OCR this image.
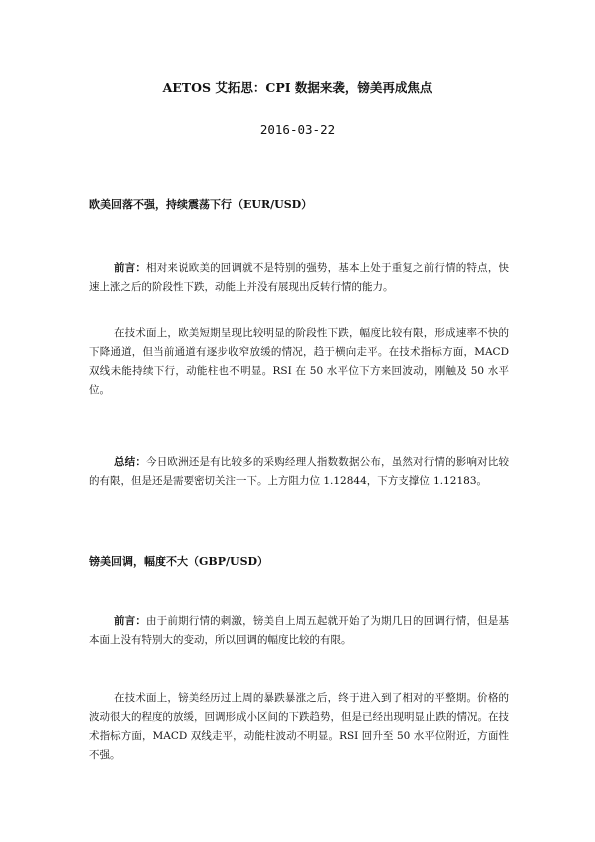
AETOS 艾拓思：CPI 数据来袭，镑美再成焦点
2016-03-22
欧美回落不强，持续震荡下行（EUR/USD）
前言：相对来说欧美的回调就不是特别的强势，基本上处于重复之前行情的特点，快速上涨之后的阶段性下跌，动能上并没有展现出反转行情的能力。
在技术面上，欧美短期呈现比较明显的阶段性下跌，幅度比较有限，形成速率不快的下降通道，但当前通道有逐步收窄放缓的情况，趋于横向走平。在技术指标方面，MACD 双线未能持续下行，动能柱也不明显。RSI 在 50 水平位下方来回波动，刚触及 50 水平位。
总结：今日欧洲还是有比较多的采购经理人指数数据公布，虽然对行情的影响对比较的有限，但是还是需要密切关注一下。上方阻力位 1.12844，下方支撑位 1.12183。
镑美回调，幅度不大（GBP/USD）
前言：由于前期行情的刺激，镑美自上周五起就开始了为期几日的回调行情，但是基本面上没有特别大的变动，所以回调的幅度比较的有限。
在技术面上，镑美经历过上周的暴跌暴涨之后，终于进入到了相对的平整期。价格的波动很大的程度的放缓，回调形成小区间的下跌趋势，但是已经出现明显止跌的情况。在技术指标方面，MACD 双线走平，动能柱波动不明显。RSI 回升至 50 水平位附近，方面性不强。
